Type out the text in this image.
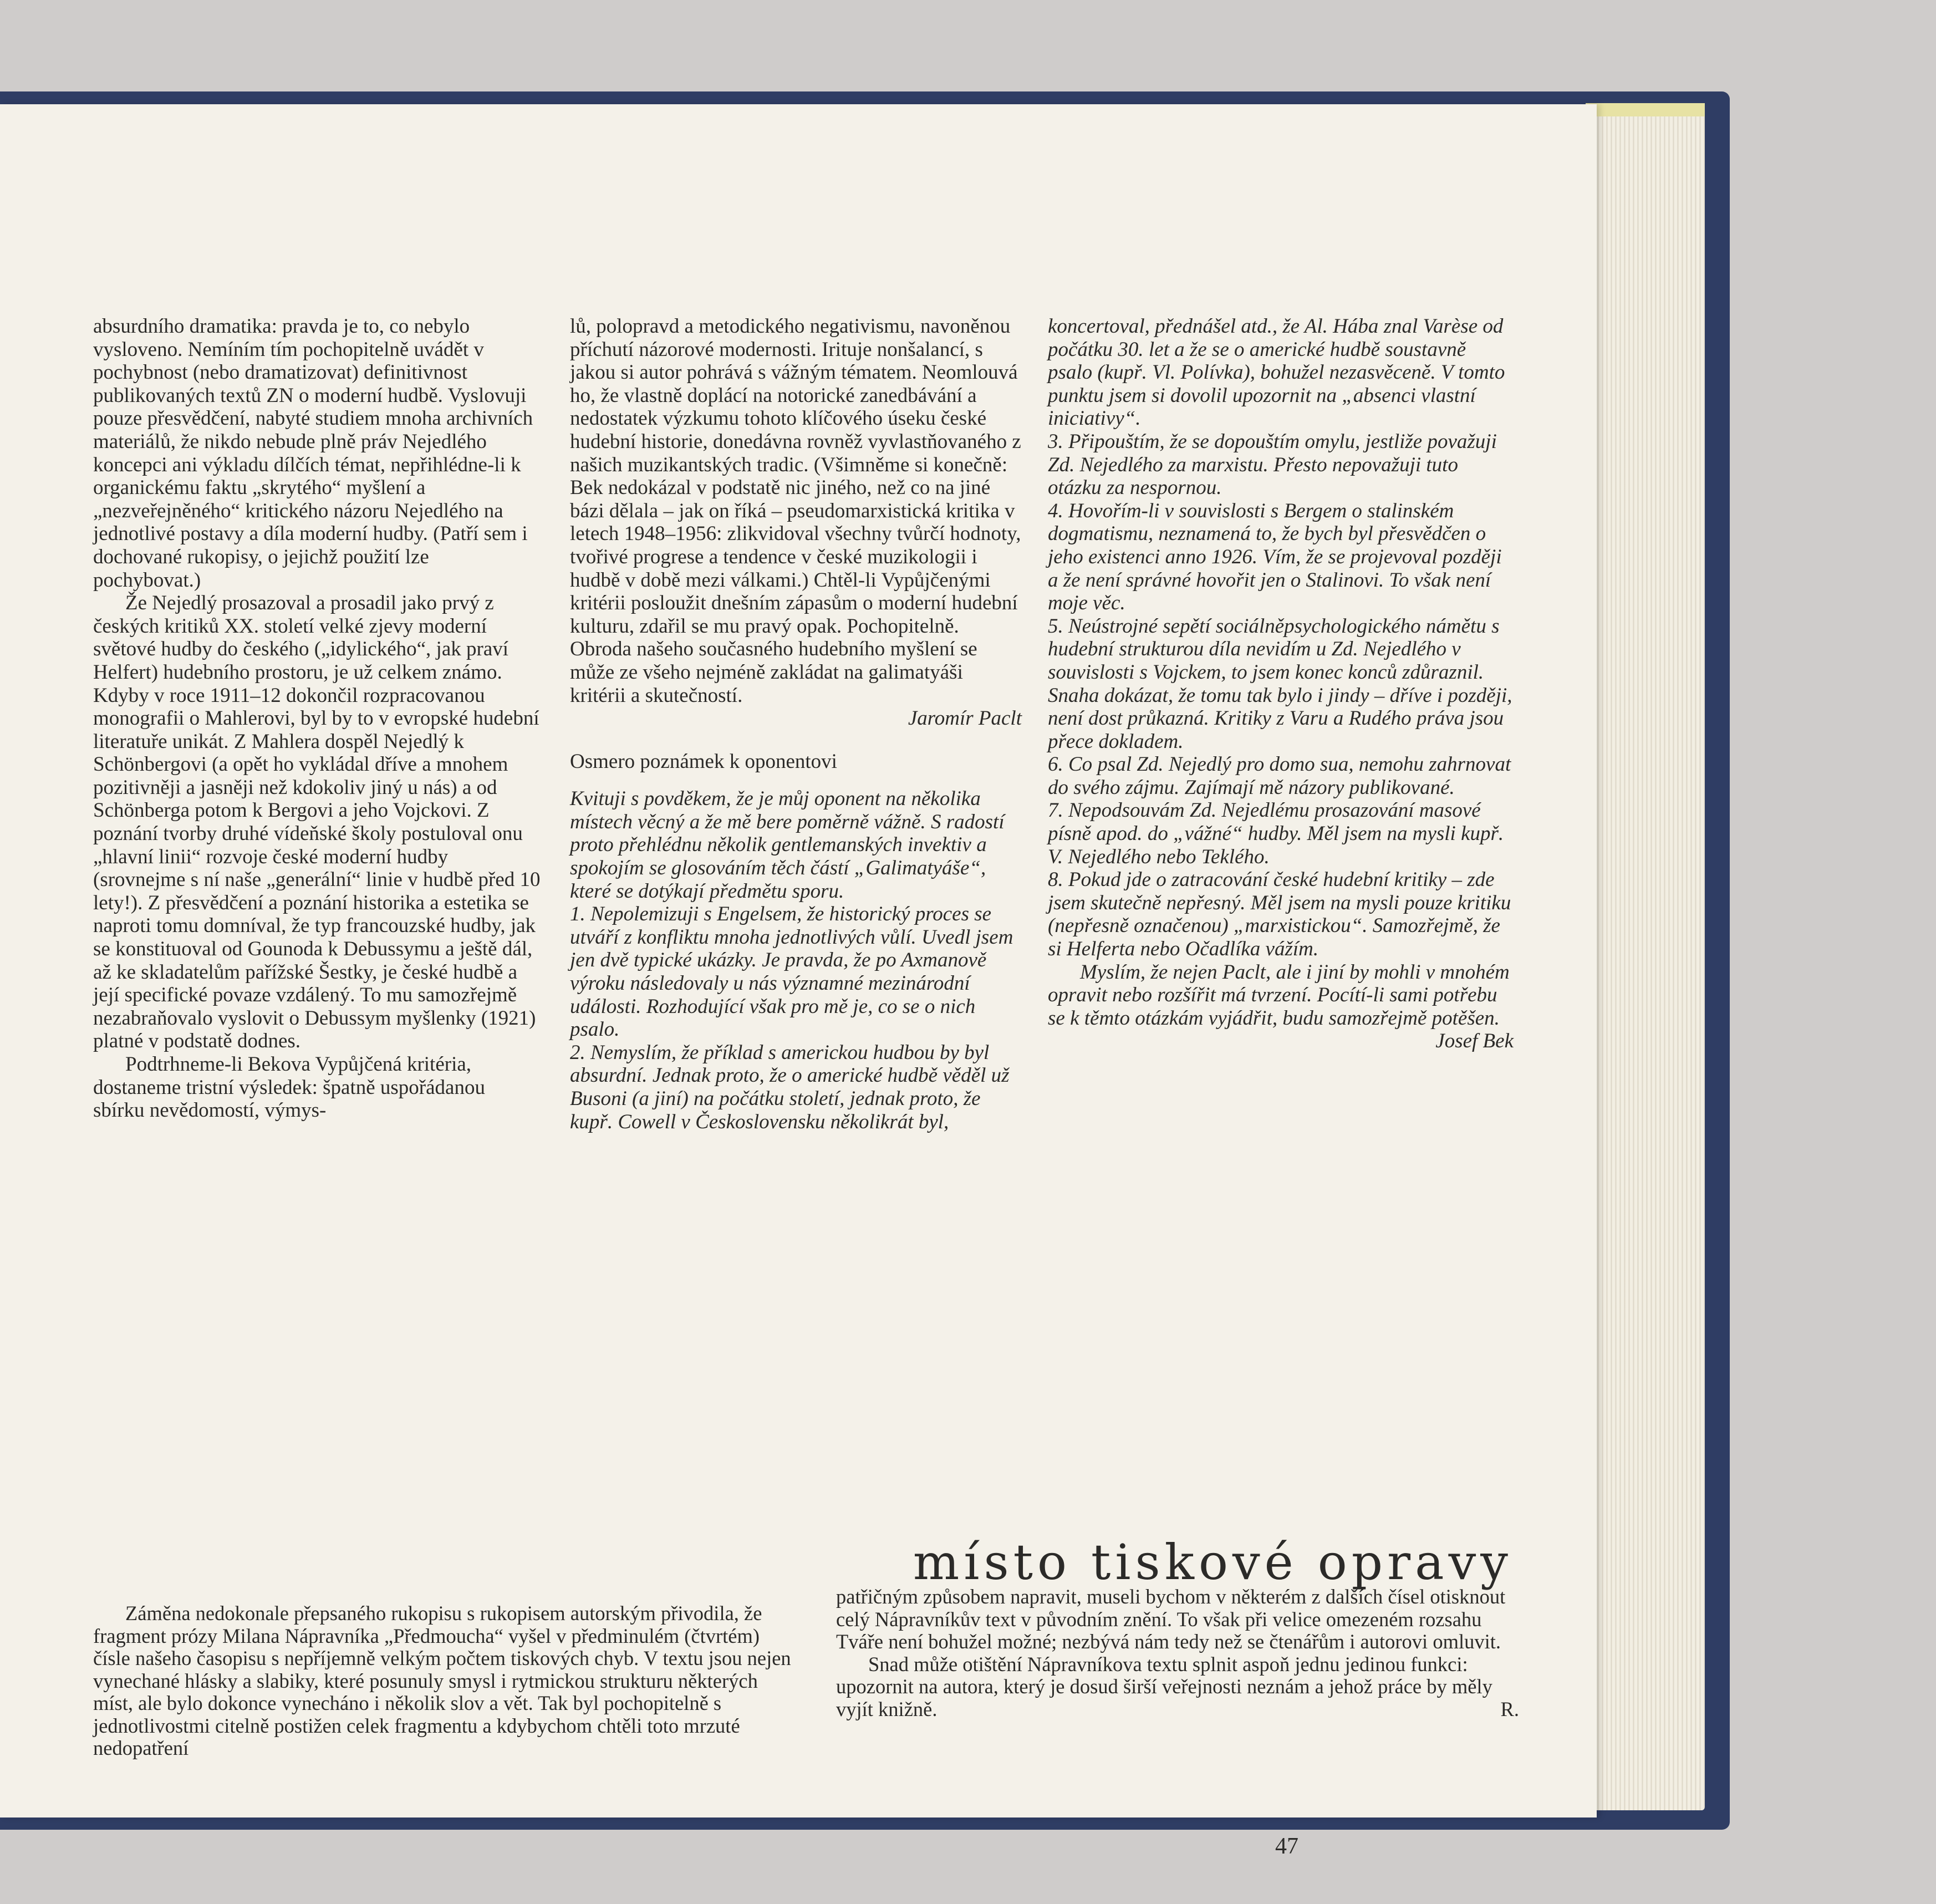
absurdního dramatika: pravda je to, co nebylo vysloveno. Nemíním tím pochopitelně uvádět v pochybnost (nebo dramatizovat) definitivnost publikovaných textů ZN o moderní hudbě. Vyslovuji pouze přesvědčení, nabyté studiem mnoha archivních materiálů, že nikdo nebude plně práv Nejedlého koncepci ani výkladu dílčích témat, nepřihlédne-li k organickému faktu „skrytého“ myšlení a „nezveřejněného“ kritického názoru Nejedlého na jednotlivé postavy a díla moderní hudby. (Patří sem i dochované rukopisy, o jejichž použití lze pochybovat.)

Že Nejedlý prosazoval a prosadil jako prvý z českých kritiků XX. století velké zjevy moderní světové hudby do českého („idylického“, jak praví Helfert) hudebního prostoru, je už celkem známo. Kdyby v roce 1911–12 dokončil rozpracovanou monografii o Mahlerovi, byl by to v evropské hudební literatuře unikát. Z Mahlera dospěl Nejedlý k Schönbergovi (a opět ho vykládal dříve a mnohem pozitivněji a jasněji než kdokoliv jiný u nás) a od Schönberga potom k Bergovi a jeho Vojckovi. Z poznání tvorby druhé vídeňské školy postuloval onu „hlavní linii“ rozvoje české moderní hudby (srovnejme s ní naše „generální“ linie v hudbě před 10 lety!). Z přesvědčení a poznání historika a estetika se naproti tomu domníval, že typ francouzské hudby, jak se konstituoval od Gounoda k Debussymu a ještě dál, až ke skladatelům pařížské Šestky, je české hudbě a její specifické povaze vzdálený. To mu samozřejmě nezabraňovalo vyslovit o Debussym myšlenky (1921) platné v podstatě dodnes.

Podtrhneme-li Bekova Vypůjčená kritéria, dostaneme tristní výsledek: špatně uspořádanou sbírku nevědomostí, výmys-

lů, polopravd a metodického negativismu, navoněnou příchutí názorové modernosti. Irituje nonšalancí, s jakou si autor pohrává s vážným tématem. Neomlouvá ho, že vlastně doplácí na notorické zanedbávání a nedostatek výzkumu tohoto klíčového úseku české hudební historie, donedávna rovněž vyvlastňovaného z našich muzikantských tradic. (Všimněme si konečně: Bek nedokázal v podstatě nic jiného, než co na jiné bázi dělala – jak on říká – pseudomarxistická kritika v letech 1948–1956: zlikvidoval všechny tvůrčí hodnoty, tvořivé progrese a tendence v české muzikologii i hudbě v době mezi válkami.) Chtěl-li Vypůjčenými kritérii posloužit dnešním zápasům o moderní hudební kulturu, zdařil se mu pravý opak. Pochopitelně. Obroda našeho současného hudebního myšlení se může ze všeho nejméně zakládat na galimatyáši kritérii a skutečností.

Jaromír Paclt

Osmero poznámek k oponentovi

Kvituji s povděkem, že je můj oponent na několika místech věcný a že mě bere poměrně vážně. S radostí proto přehlédnu několik gentlemanských invektiv a spokojím se glosováním těch částí „Galimatyáše“, které se dotýkají předmětu sporu.

1. Nepolemizuji s Engelsem, že historický proces se utváří z konfliktu mnoha jednotlivých vůlí. Uvedl jsem jen dvě typické ukázky. Je pravda, že po Axmanově výroku následovaly u nás významné mezinárodní události. Rozhodující však pro mě je, co se o nich psalo.

2. Nemyslím, že příklad s americkou hudbou by byl absurdní. Jednak proto, že o americké hudbě věděl už Busoni (a jiní) na počátku století, jednak proto, že kupř. Cowell v Československu několikrát byl,

koncertoval, přednášel atd., že Al. Hába znal Varèse od počátku 30. let a že se o americké hudbě soustavně psalo (kupř. Vl. Polívka), bohužel nezasvěceně. V tomto punktu jsem si dovolil upozornit na „absenci vlastní iniciativy“.

3. Připouštím, že se dopouštím omylu, jestliže považuji Zd. Nejedlého za marxistu. Přesto nepovažuji tuto otázku za nespornou.

4. Hovořím-li v souvislosti s Bergem o stalinském dogmatismu, neznamená to, že bych byl přesvědčen o jeho existenci anno 1926. Vím, že se projevoval později a že není správné hovořit jen o Stalinovi. To však není moje věc.

5. Neústrojné sepětí sociálněpsychologického námětu s hudební strukturou díla nevidím u Zd. Nejedlého v souvislosti s Vojckem, to jsem konec konců zdůraznil. Snaha dokázat, že tomu tak bylo i jindy – dříve i později, není dost průkazná. Kritiky z Varu a Rudého práva jsou přece dokladem.

6. Co psal Zd. Nejedlý pro domo sua, nemohu zahrnovat do svého zájmu. Zajímají mě názory publikované.

7. Nepodsouvám Zd. Nejedlému prosazování masové písně apod. do „vážné“ hudby. Měl jsem na mysli kupř. V. Nejedlého nebo Teklého.

8. Pokud jde o zatracování české hudební kritiky – zde jsem skutečně nepřesný. Měl jsem na mysli pouze kritiku (nepřesně označenou) „marxistickou“. Samozřejmě, že si Helferta nebo Očadlíka vážím.

Myslím, že nejen Paclt, ale i jiní by mohli v mnohém opravit nebo rozšířit má tvrzení. Pocítí-li sami potřebu se k těmto otázkám vyjádřit, budu samozřejmě potěšen.

Josef Bek

místo tiskové opravy

Záměna nedokonale přepsaného rukopisu s rukopisem autorským přivodila, že fragment prózy Milana Nápravníka „Předmoucha“ vyšel v předminulém (čtvrtém) čísle našeho časopisu s nepříjemně velkým počtem tiskových chyb. V textu jsou nejen vynechané hlásky a slabiky, které posunuly smysl i rytmickou strukturu některých míst, ale bylo dokonce vynecháno i několik slov a vět. Tak byl pochopitelně s jednotlivostmi citelně postižen celek fragmentu a kdybychom chtěli toto mrzuté nedopatření

patřičným způsobem napravit, museli bychom v některém z dalších čísel otisknout celý Nápravníkův text v původním znění. To však při velice omezeném rozsahu Tváře není bohužel možné; nezbývá nám tedy než se čtenářům i autorovi omluvit.

Snad může otištění Nápravníkova textu splnit aspoň jednu jedinou funkci: upozornit na autora, který je dosud širší veřejnosti neznám a jehož práce by měly vyjít knižně.	R.

47
